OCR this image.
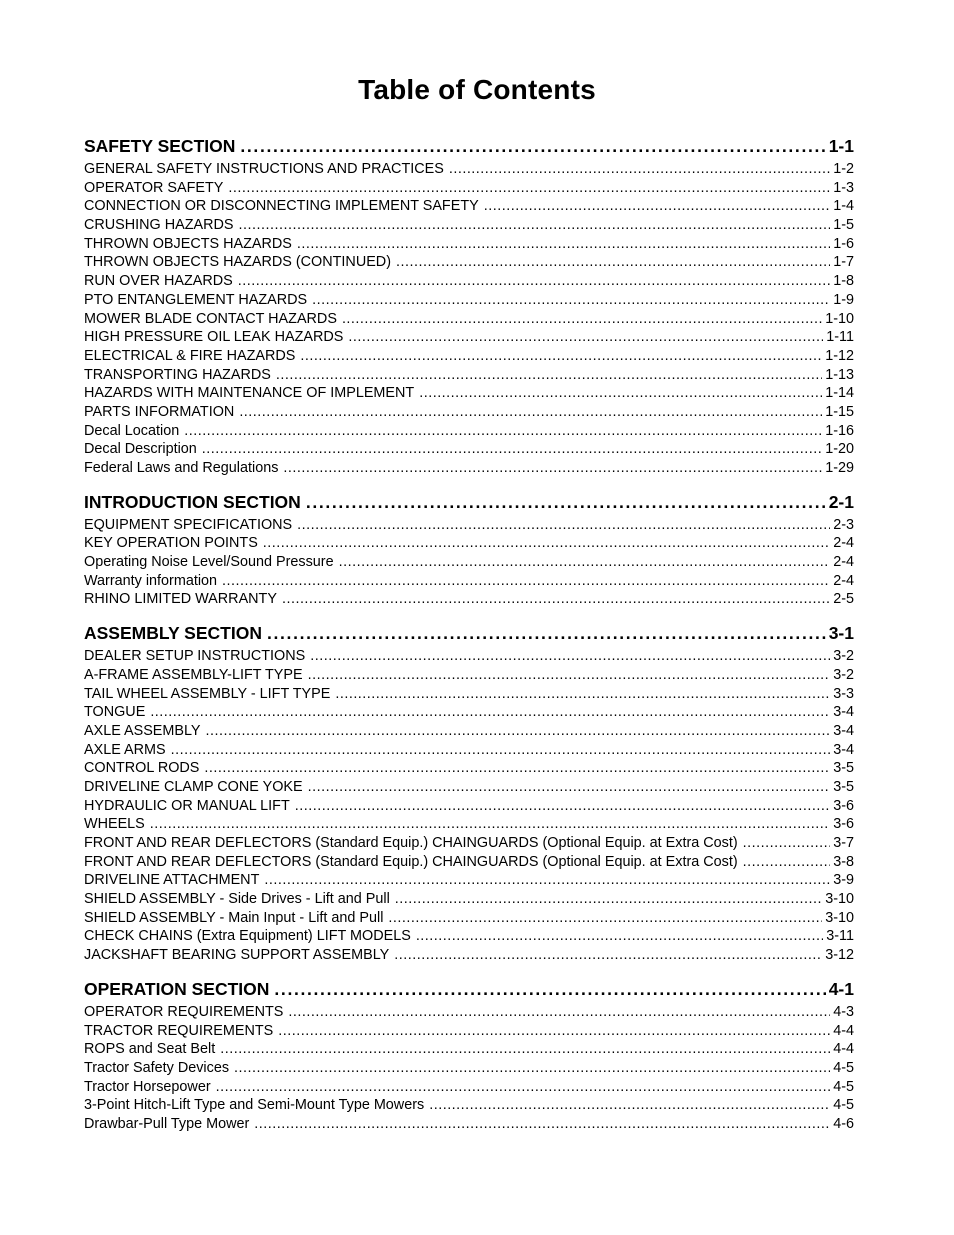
Table of Contents
SAFETY SECTION . . .	1-1
GENERAL SAFETY INSTRUCTIONS AND PRACTICES . . .	1-2
OPERATOR SAFETY . . .	1-3
CONNECTION OR DISCONNECTING IMPLEMENT SAFETY . . .	1-4
CRUSHING HAZARDS . . .	1-5
THROWN OBJECTS HAZARDS . . .	1-6
THROWN OBJECTS HAZARDS (CONTINUED) . . .	1-7
RUN OVER HAZARDS . . .	1-8
PTO ENTANGLEMENT HAZARDS . . .	1-9
MOWER BLADE CONTACT HAZARDS . . .	1-10
HIGH PRESSURE OIL LEAK HAZARDS . . .	1-11
ELECTRICAL & FIRE HAZARDS . . .	1-12
TRANSPORTING HAZARDS . . .	1-13
HAZARDS WITH MAINTENANCE OF IMPLEMENT . . .	1-14
PARTS INFORMATION . . .	1-15
Decal Location . . .	1-16
Decal Description . . .	1-20
Federal Laws and Regulations . . .	1-29
INTRODUCTION SECTION . . .	2-1
EQUIPMENT SPECIFICATIONS . . .	2-3
KEY OPERATION POINTS . . .	2-4
Operating Noise Level/Sound Pressure . . .	2-4
Warranty information . . .	2-4
RHINO LIMITED WARRANTY . . .	2-5
ASSEMBLY SECTION . . .	3-1
DEALER SETUP INSTRUCTIONS . . .	3-2
A-FRAME ASSEMBLY-LIFT TYPE . . .	3-2
TAIL WHEEL ASSEMBLY - LIFT TYPE . . .	3-3
TONGUE . . .	3-4
AXLE ASSEMBLY . . .	3-4
AXLE ARMS . . .	3-4
CONTROL RODS . . .	3-5
DRIVELINE CLAMP CONE YOKE . . .	3-5
HYDRAULIC OR MANUAL LIFT . . .	3-6
WHEELS . . .	3-6
FRONT AND REAR DEFLECTORS (Standard Equip.) CHAINGUARDS (Optional Equip. at Extra Cost) . . .	3-7
FRONT AND REAR DEFLECTORS (Standard Equip.) CHAINGUARDS (Optional Equip. at Extra Cost) . . .	3-8
DRIVELINE ATTACHMENT . . .	3-9
SHIELD ASSEMBLY - Side Drives - Lift and Pull . . .	3-10
SHIELD ASSEMBLY - Main Input - Lift and Pull . . .	3-10
CHECK CHAINS (Extra Equipment) LIFT MODELS . . .	3-11
JACKSHAFT BEARING SUPPORT ASSEMBLY . . .	3-12
OPERATION SECTION . . .	4-1
OPERATOR REQUIREMENTS . . .	4-3
TRACTOR REQUIREMENTS . . .	4-4
ROPS and Seat Belt . . .	4-4
Tractor Safety Devices . . .	4-5
Tractor Horsepower . . .	4-5
3-Point Hitch-Lift Type and Semi-Mount Type Mowers . . .	4-5
Drawbar-Pull Type Mower . . .	4-6
